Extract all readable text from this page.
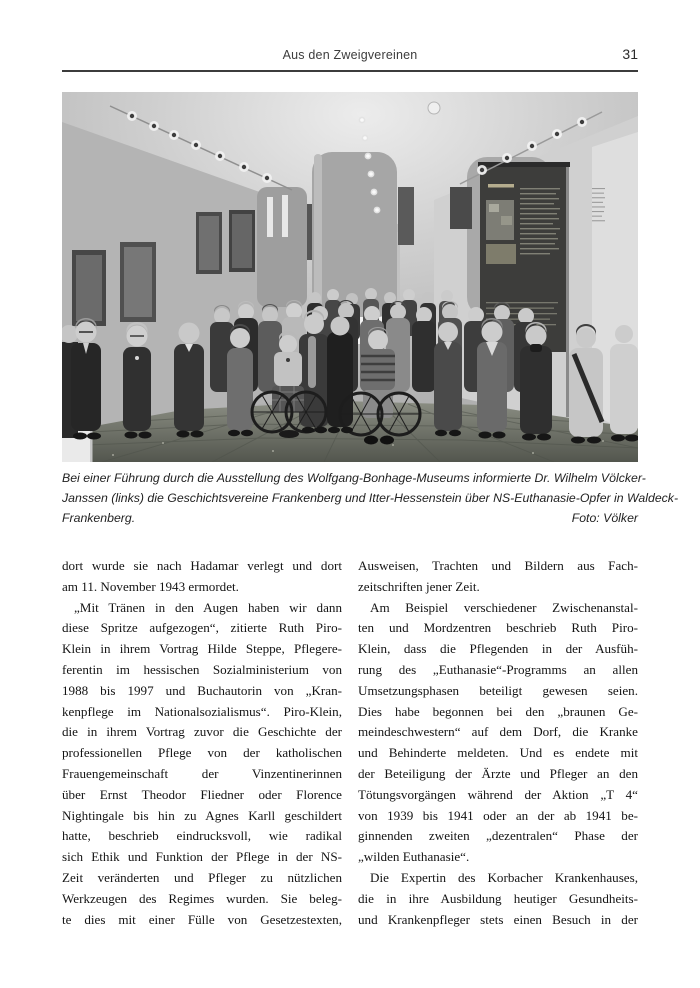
Aus den Zweigvereinen	31
Bei einer Führung durch die Ausstellung des Wolfgang-Bonhage-Museums informierte Dr. Wilhelm Völcker-
Janssen (links) die Geschichtsvereine Frankenberg und Itter-Hessenstein über NS-Euthanasie-Opfer in Waldeck-
Frankenberg.	Foto: Völker
dort wurde sie nach Hadamar verlegt und dort
am 11. November 1943 ermordet.
„Mit Tränen in den Augen haben wir dann
diese Spritze aufgezogen“, zitierte Ruth Piro-
Klein in ihrem Vortrag Hilde Steppe, Pflegere-
ferentin im hessischen Sozialministerium von
1988 bis 1997 und Buchautorin von „Kran-
kenpflege im Nationalsozialismus“. Piro-Klein,
die in ihrem Vortrag zuvor die Geschichte der
professionellen Pflege von der katholischen
Frauengemeinschaft der Vinzentinerinnen
über Ernst Theodor Fliedner oder Florence
Nightingale bis hin zu Agnes Karll geschildert
hatte, beschrieb eindrucksvoll, wie radikal
sich Ethik und Funktion der Pflege in der NS-
Zeit veränderten und Pfleger zu nützlichen
Werkzeugen des Regimes wurden. Sie beleg-
te dies mit einer Fülle von Gesetzestexten,
Ausweisen, Trachten und Bildern aus Fach-
zeitschriften jener Zeit.
Am Beispiel verschiedener Zwischenanstal-
ten und Mordzentren beschrieb Ruth Piro-
Klein, dass die Pflegenden in der Ausfüh-
rung des „Euthanasie“-Programms an allen
Umsetzungsphasen beteiligt gewesen seien.
Dies habe begonnen bei den „braunen Ge-
meindeschwestern“ auf dem Dorf, die Kranke
und Behinderte meldeten. Und es endete mit
der Beteiligung der Ärzte und Pfleger an den
Tötungsvorgängen während der Aktion „T 4“
von 1939 bis 1941 oder an der ab 1941 be-
ginnenden zweiten „dezentralen“ Phase der
„wilden Euthanasie“.
Die Expertin des Korbacher Krankenhauses,
die in ihre Ausbildung heutiger Gesundheits-
und Krankenpfleger stets einen Besuch in der
